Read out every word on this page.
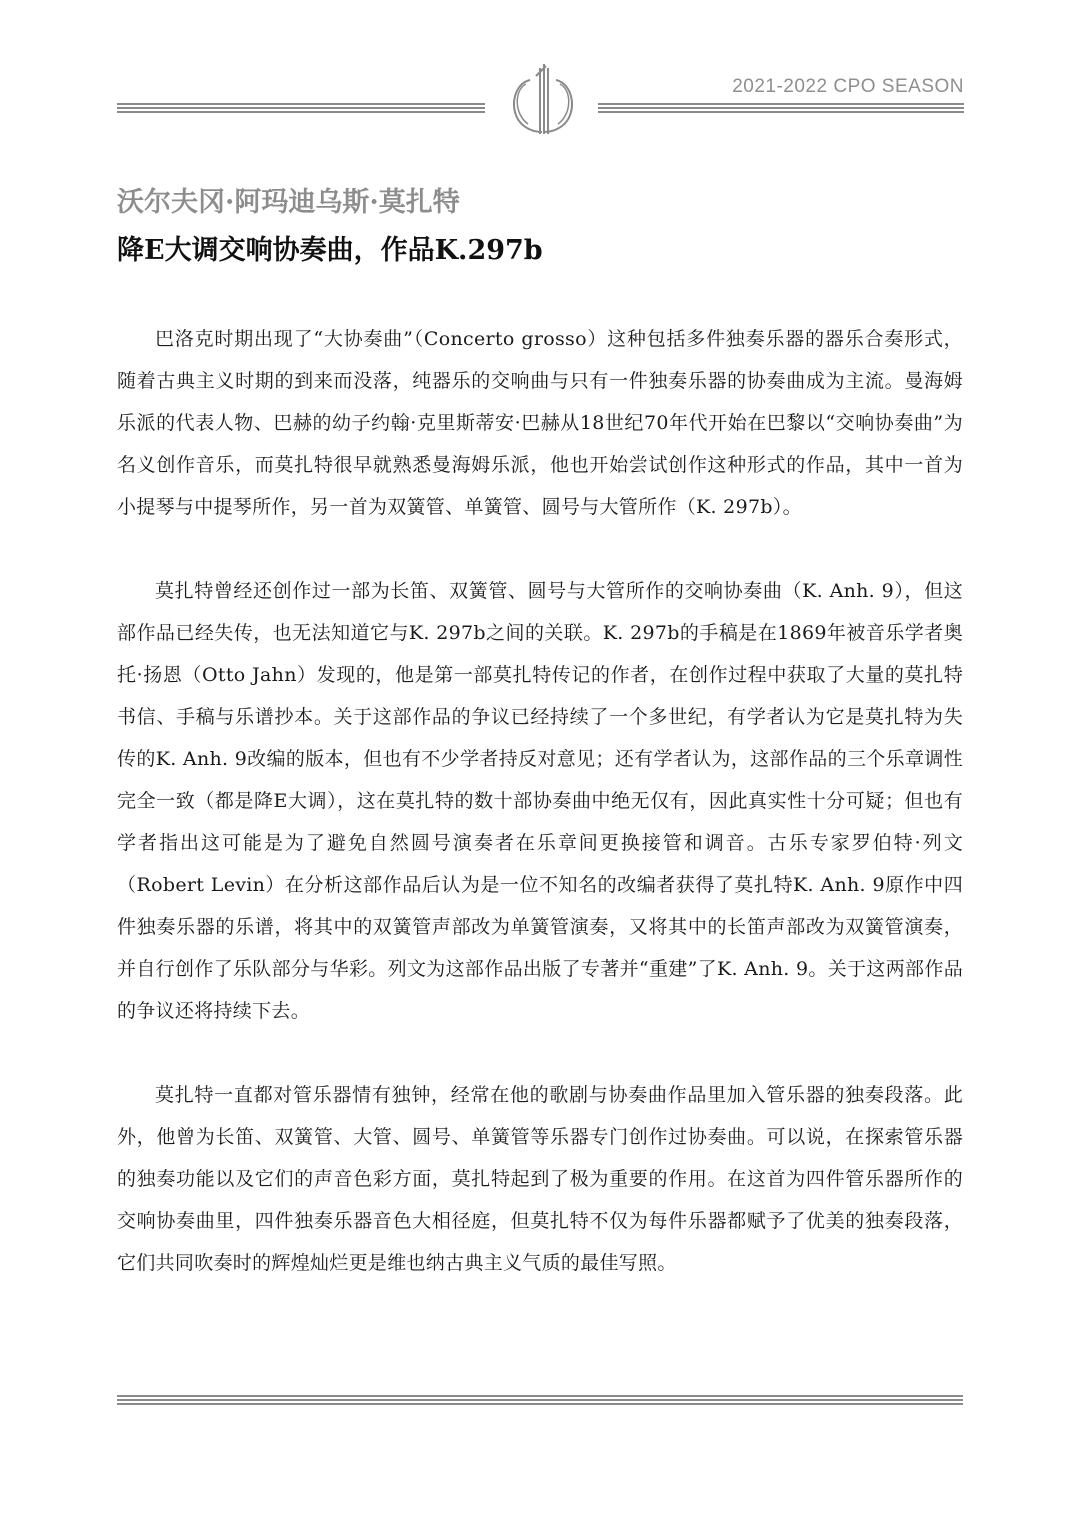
2021-2022 CPO SEASON
沃尔夫冈·阿玛迪乌斯·莫扎特
降E大调交响协奏曲，作品K.297b

巴洛克时期出现了“大协奏曲”（Concerto grosso）这种包括多件独奏乐器的器乐合奏形式，随着古典主义时期的到来而没落，纯器乐的交响曲与只有一件独奏乐器的协奏曲成为主流。曼海姆乐派的代表人物、巴赫的幼子约翰·克里斯蒂安·巴赫从18世纪70年代开始在巴黎以“交响协奏曲”为名义创作音乐，而莫扎特很早就熟悉曼海姆乐派，他也开始尝试创作这种形式的作品，其中一首为小提琴与中提琴所作，另一首为双簧管、单簧管、圆号与大管所作（K. 297b）。

莫扎特曾经还创作过一部为长笛、双簧管、圆号与大管所作的交响协奏曲（K. Anh. 9），但这部作品已经失传，也无法知道它与K. 297b之间的关联。K. 297b的手稿是在1869年被音乐学者奥托·扬恩（Otto Jahn）发现的，他是第一部莫扎特传记的作者，在创作过程中获取了大量的莫扎特书信、手稿与乐谱抄本。关于这部作品的争议已经持续了一个多世纪，有学者认为它是莫扎特为失传的K. Anh. 9改编的版本，但也有不少学者持反对意见；还有学者认为，这部作品的三个乐章调性完全一致（都是降E大调），这在莫扎特的数十部协奏曲中绝无仅有，因此真实性十分可疑；但也有学者指出这可能是为了避免自然圆号演奏者在乐章间更换接管和调音。古乐专家罗伯特·列文（Robert Levin）在分析这部作品后认为是一位不知名的改编者获得了莫扎特K. Anh. 9原作中四件独奏乐器的乐谱，将其中的双簧管声部改为单簧管演奏，又将其中的长笛声部改为双簧管演奏，并自行创作了乐队部分与华彩。列文为这部作品出版了专著并“重建”了K. Anh. 9。关于这两部作品的争议还将持续下去。

莫扎特一直都对管乐器情有独钟，经常在他的歌剧与协奏曲作品里加入管乐器的独奏段落。此外，他曾为长笛、双簧管、大管、圆号、单簧管等乐器专门创作过协奏曲。可以说，在探索管乐器的独奏功能以及它们的声音色彩方面，莫扎特起到了极为重要的作用。在这首为四件管乐器所作的交响协奏曲里，四件独奏乐器音色大相径庭，但莫扎特不仅为每件乐器都赋予了优美的独奏段落，它们共同吹奏时的辉煌灿烂更是维也纳古典主义气质的最佳写照。
